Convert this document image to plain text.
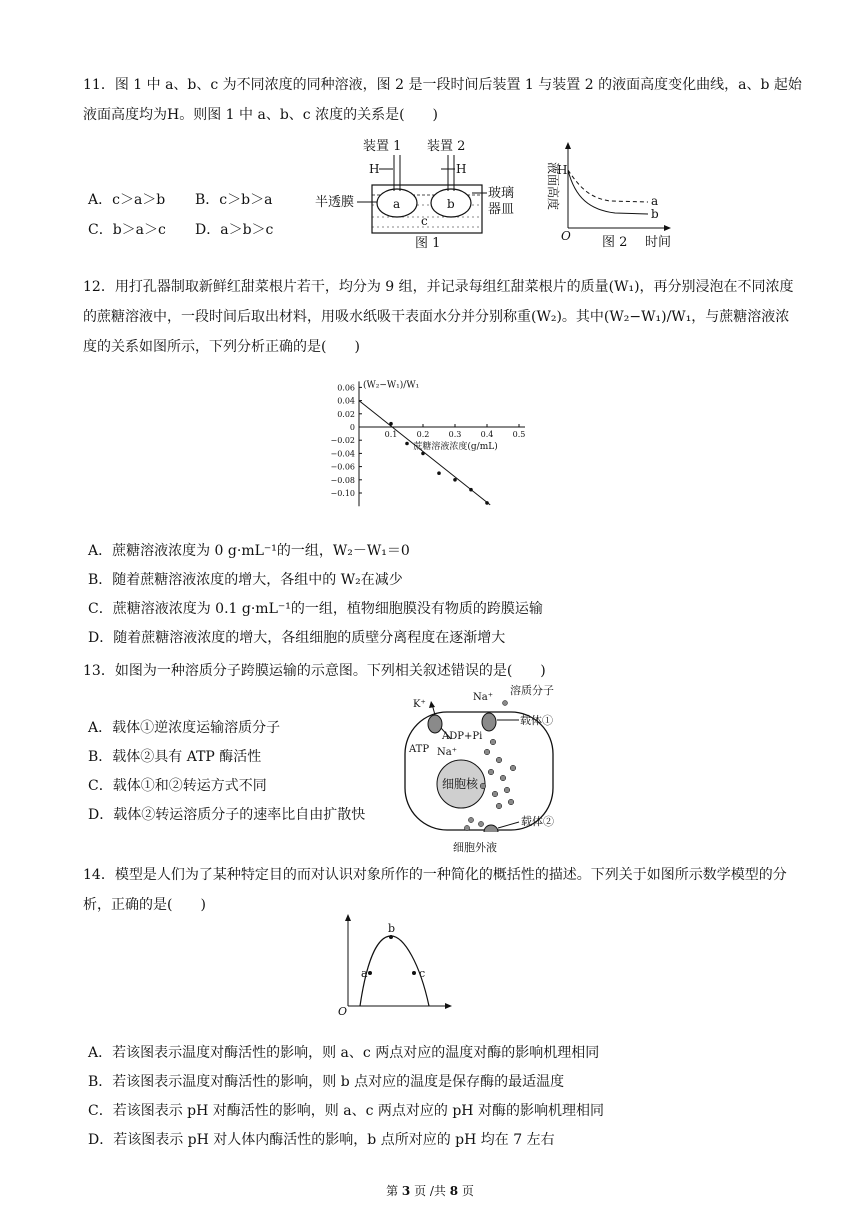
11．图 1 中 a、b、c 为不同浓度的同种溶液，图 2 是一段时间后装置 1 与装置 2 的液面高度变化曲线，a、b 起始液面高度均为H。则图 1 中 a、b、c 浓度的关系是(　　)
A．c＞a＞b B．c＞b＞a
C．b＞a＞c D．a＞b＞c
装置 1 装置 2
H	H
a	b
c
半透膜
玻璃
器皿
图 1
液面高度
H
O
a
b
图 2 时间
12．用打孔器制取新鲜红甜菜根片若干，均分为 9 组，并记录每组红甜菜根片的质量(W₁)，再分别浸泡在不同浓度的蔗糖溶液中，一段时间后取出材料，用吸水纸吸干表面水分并分别称重(W₂)。其中(W₂−W₁)/W₁，与蔗糖溶液浓度的关系如图所示，下列分析正确的是(　　)
(W₂−W₁)/W₁
蔗糖溶液浓度(g/mL)
0.06
0.04
0.02
0
−0.02
−0.04
−0.06
−0.08
−0.10
0.1 0.2 0.3 0.4 0.5
A．蔗糖溶液浓度为 0 g·mL⁻¹的一组，W₂－W₁＝0
B．随着蔗糖溶液浓度的增大，各组中的 W₂在减少
C．蔗糖溶液浓度为 0.1 g·mL⁻¹的一组，植物细胞膜没有物质的跨膜运输
D．随着蔗糖溶液浓度的增大，各组细胞的质壁分离程度在逐渐增大
13．如图为一种溶质分子跨膜运输的示意图。下列相关叙述错误的是(　　)
A．载体①逆浓度运输溶质分子
B．载体②具有 ATP 酶活性
C．载体①和②转运方式不同
D．载体②转运溶质分子的速率比自由扩散快
细胞核
K⁺
Na⁺
溶质分子
载体①
ADP+Pi
ATP Na⁺
载体②
细胞外液
14．模型是人们为了某种特定目的而对认识对象所作的一种简化的概括性的描述。下列关于如图所示数学模型的分析，正确的是(　　)
b
a	c
O
A．若该图表示温度对酶活性的影响，则 a、c 两点对应的温度对酶的影响机理相同
B．若该图表示温度对酶活性的影响，则 b 点对应的温度是保存酶的最适温度
C．若该图表示 pH 对酶活性的影响，则 a、c 两点对应的 pH 对酶的影响机理相同
D．若该图表示 pH 对人体内酶活性的影响，b 点所对应的 pH 均在 7 左右
第 3 页 /共 8 页
